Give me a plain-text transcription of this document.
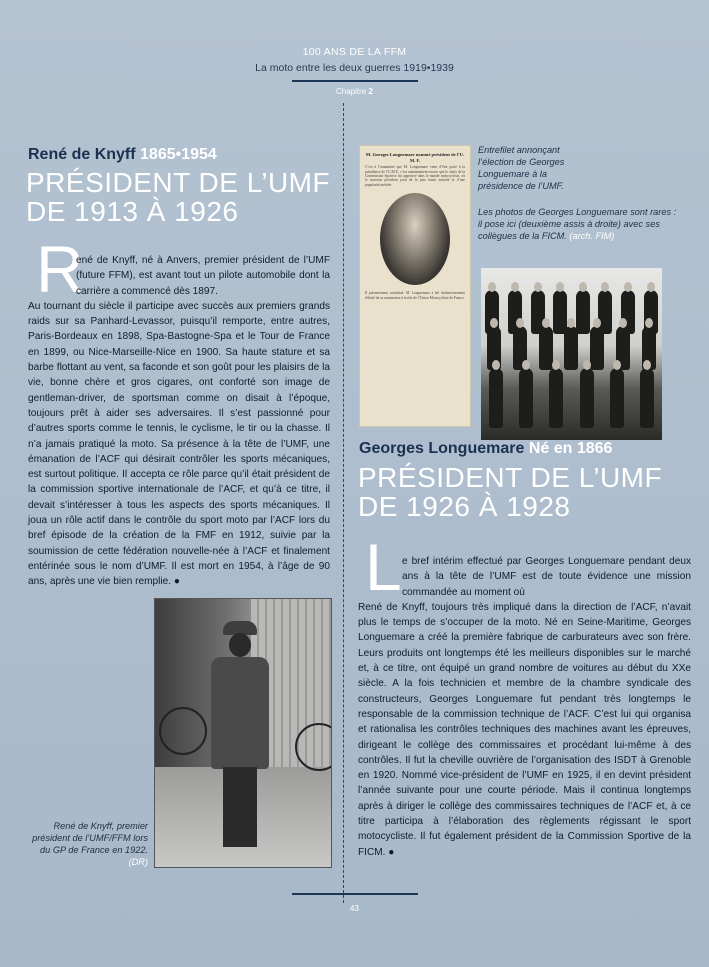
100 ANS DE LA FFM
La moto entre les deux guerres 1919•1939
Chapitre 2
René de Knyff 1865•1954
PRÉSIDENT DE L’UMF
DE 1913 À 1926
R
ené de Knyff, né à Anvers, premier président de l’UMF (future FFM), est avant tout un pilote automobile dont la carrière a commencé dès 1897.
Au tournant du siècle il participe avec succès aux premiers grands raids sur sa Panhard-Levassor, puisqu’il remporte, entre autres, Paris-Bordeaux en 1898, Spa-Bastogne-Spa et le Tour de France en 1899, ou Nice-Marseille-Nice en 1900. Sa haute stature et sa barbe flottant au vent, sa faconde et son goût pour les plaisirs de la vie, bonne chère et gros cigares, ont conforté son image de gentleman-driver, de sportsman comme on disait à l’époque, toujours prêt à aider ses adversaires. Il s’est passionné pour d’autres sports comme le tennis, le cyclisme, le tir ou la chasse. Il n’a jamais pratiqué la moto. Sa présence à la tête de l’UMF, une émanation de l’ACF qui désirait contrôler les sports mécaniques, est surtout politique. Il accepta ce rôle parce qu’il était président de la commission sportive internationale de l’ACF, et qu’à ce titre, il devait s’intéresser à tous les aspects des sports mécaniques. Il joua un rôle actif dans le contrôle du sport moto par l’ACF lors du bref épisode de la création de la FMF en 1912, suivie par la soumission de cette fédération nouvelle-née à l’ACF et finalement entérinée sous le nom d’UMF. Il est mort en 1954, à l’âge de 90 ans, après une vie bien remplie. ●
M. Georges Longuemare nommé président de l’U. M. F.
C’est à l’unanimité que M. Longuemare vient d’être porté à la présidence de l’U.M.F., c’est unanimement encore que le choix de la Commission Sportive fut approuvé dans le monde motocycliste, où le nouveau président jouit de la plus haute autorité et d’une popularité méritée.
Il présentement contribué. M. Longuemare a été chaleureusement félicité de sa nomination à la tête de l’Union Motocycliste de France.
Entrefilet annonçant l’élection de Georges Longuemare à la présidence de l’UMF.
Les photos de Georges Longuemare sont rares : il pose ici (deuxième assis à droite) avec ses collègues de la FICM. (arch. FIM)
Georges Longuemare Né en 1866
PRÉSIDENT DE L’UMF
DE 1926 À 1928
L e bref intérim effectué par Georges Longuemare pendant deux ans à la tête de l’UMF est de toute évidence une mission commandée au moment où
René de Knyff, toujours très impliqué dans la direction de l’ACF, n’avait plus le temps de s’occuper de la moto. Né en Seine-Maritime, Georges Longuemare a créé la première fabrique de carburateurs avec son frère. Leurs produits ont longtemps été les meilleurs disponibles sur le marché et, à ce titre, ont équipé un grand nombre de voitures au début du XXe siècle. A la fois technicien et membre de la chambre syndicale des constructeurs, Georges Longuemare fut pendant très longtemps le responsable de la commission technique de l’ACF. C’est lui qui organisa et rationalisa les contrôles techniques des machines avant les épreuves, dirigeant le collège des commissaires et procédant lui-même à des contrôles. Il fut la cheville ouvrière de l’organisation des ISDT à Grenoble en 1920. Nommé vice-président de l’UMF en 1925, il en devint président l’année suivante pour une courte période. Mais il continua longtemps après à diriger le collège des commissaires techniques de l’ACF et, à ce titre participa à l’élaboration des règlements régissant le sport motocycliste. Il fut également président de la Commission Sportive de la FICM. ●
René de Knyff, premier président de l’UMF/FFM lors du GP de France en 1922. (DR)
43
